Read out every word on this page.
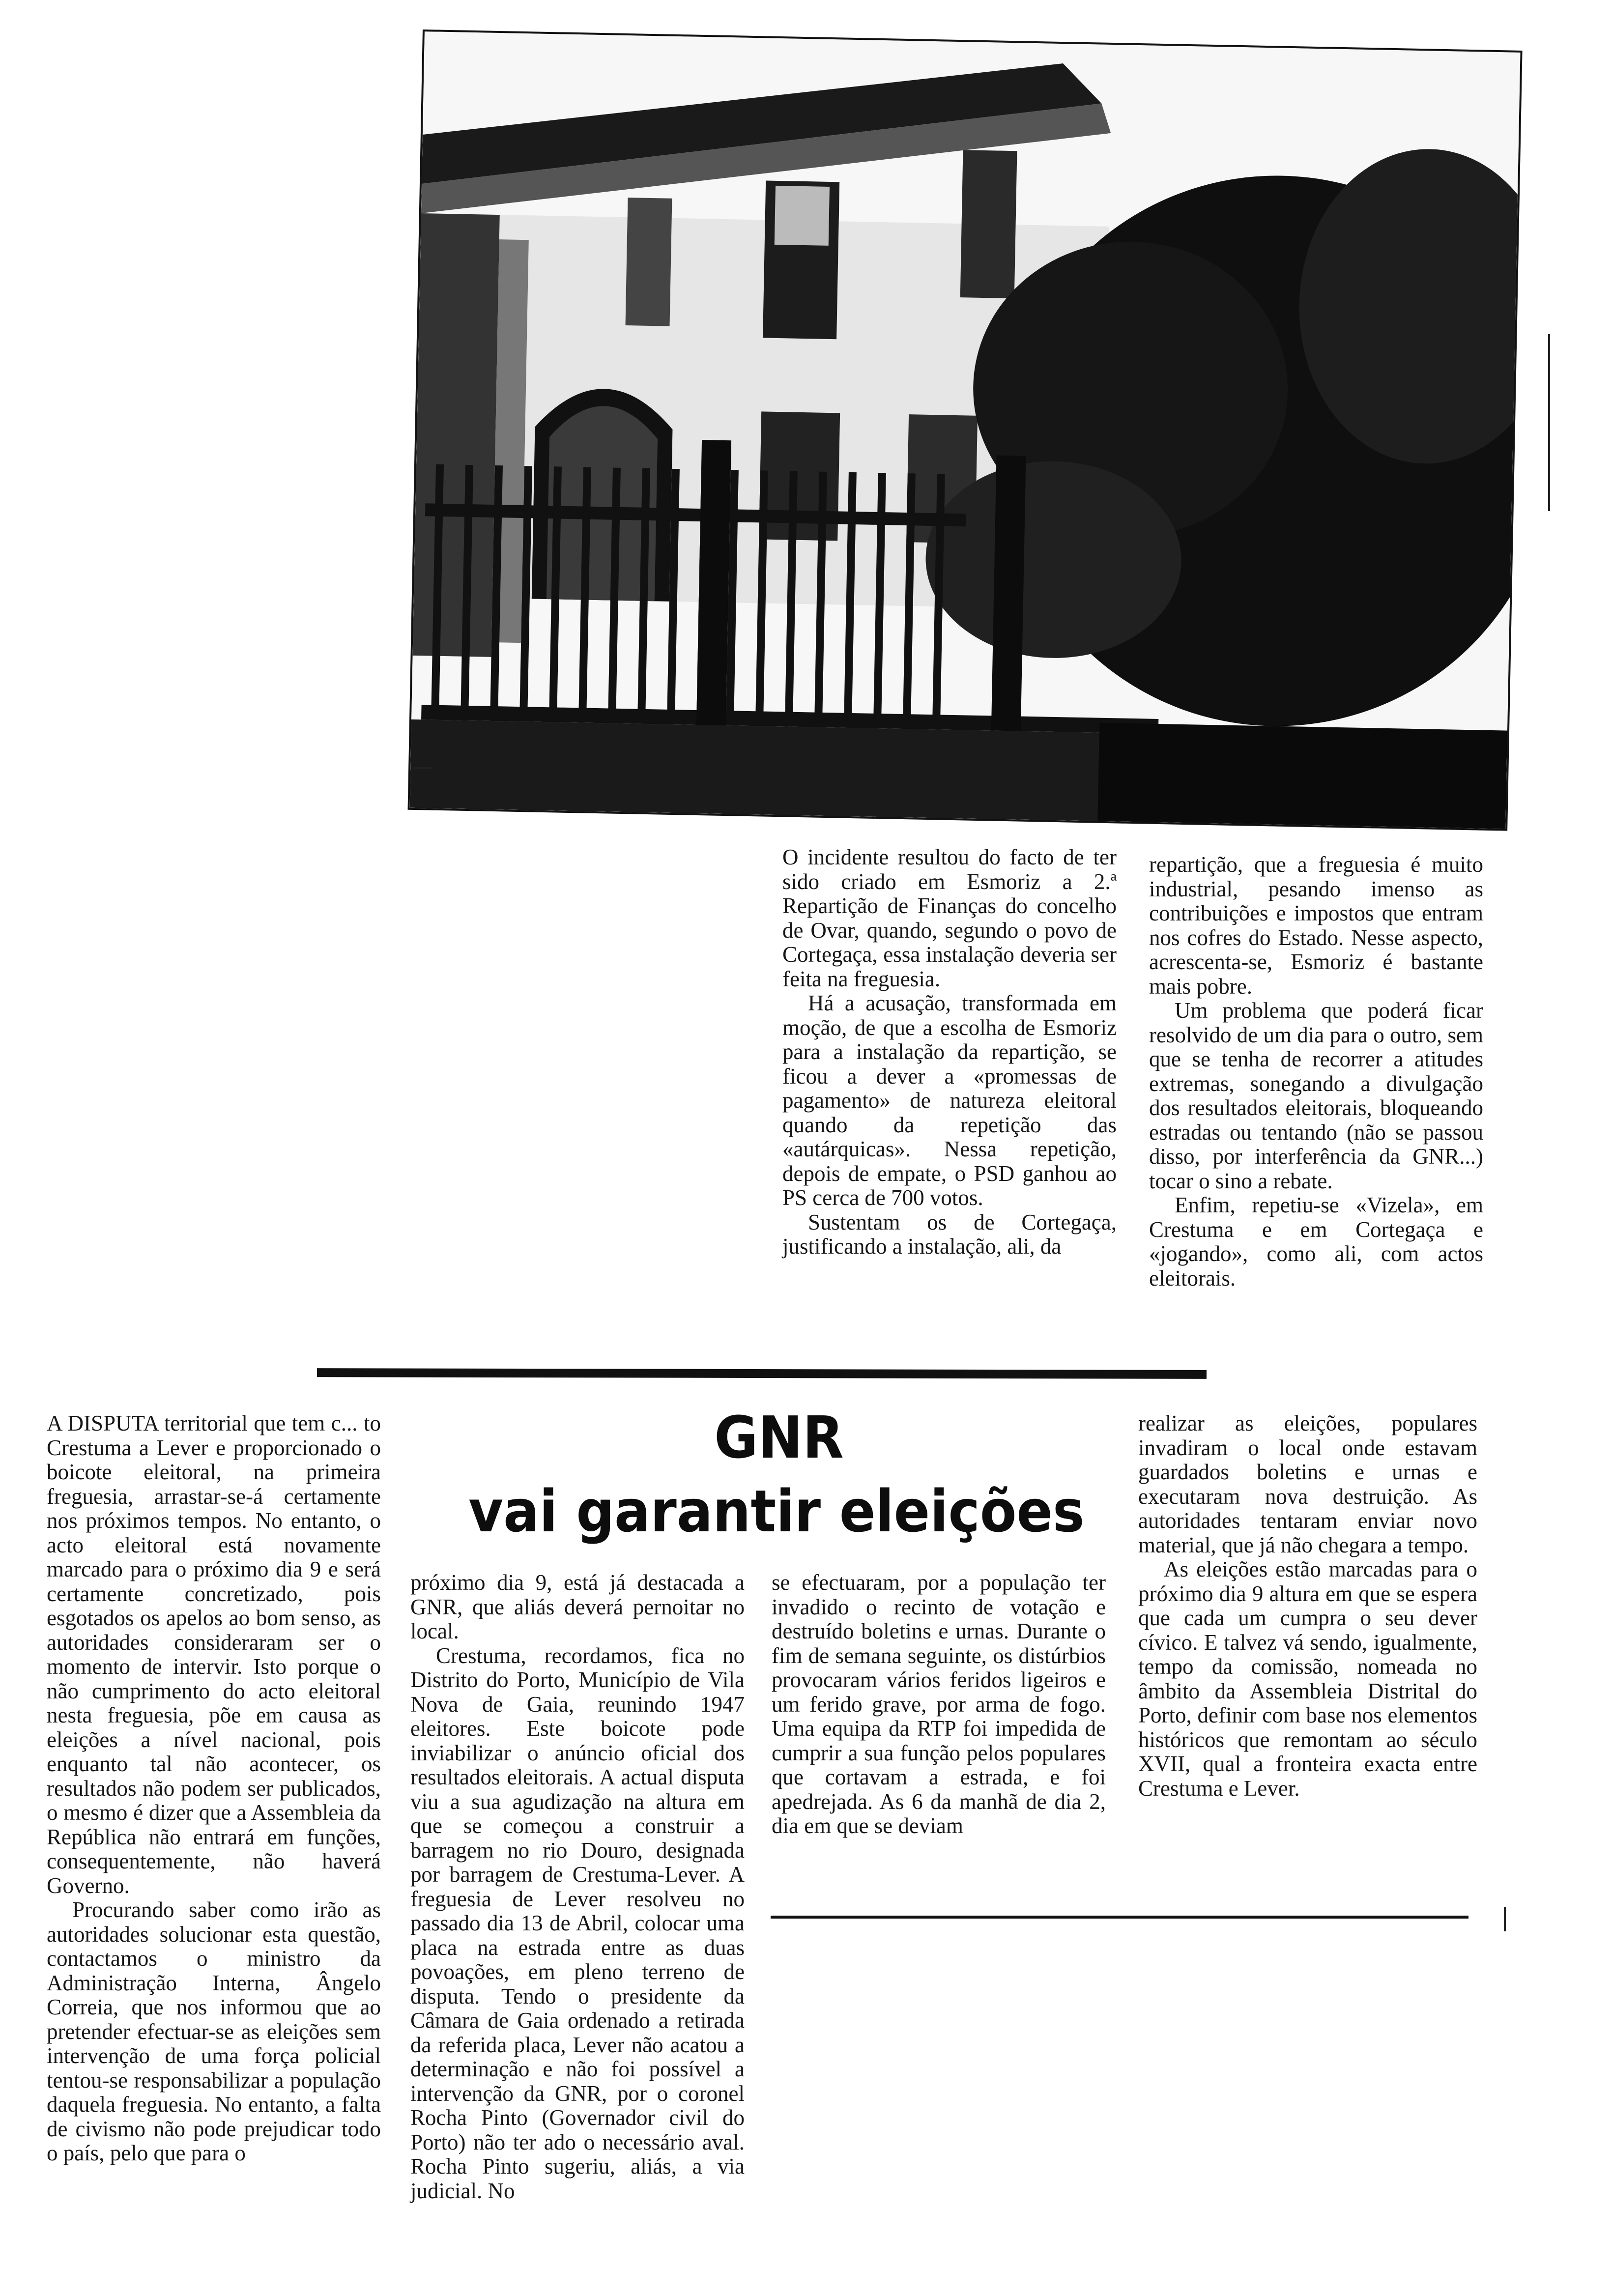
O incidente resultou do facto de ter sido criado em Esmoriz a 2.ª Repartição de Finanças do concelho de Ovar, quando, segundo o povo de Cortegaça, essa instalação deveria ser feita na freguesia.

Há a acusação, transformada em moção, de que a escolha de Esmoriz para a instalação da repartição, se ficou a dever a «promessas de pagamento» de natureza eleitoral quando da repetição das «autárquicas». Nessa repetição, depois de empate, o PSD ganhou ao PS cerca de 700 votos.

Sustentam os de Cortegaça, justificando a instalação, ali, da

repartição, que a freguesia é muito industrial, pesando imenso as contribuições e impostos que entram nos cofres do Estado. Nesse aspecto, acrescenta-se, Esmoriz é bastante mais pobre.

Um problema que poderá ficar resolvido de um dia para o outro, sem que se tenha de recorrer a atitudes extremas, sonegando a divulgação dos resultados eleitorais, bloqueando estradas ou tentando (não se passou disso, por interferência da GNR...) tocar o sino a rebate.

Enfim, repetiu-se «Vizela», em Crestuma e em Cortegaça e «jogando», como ali, com actos eleitorais.

GNR
vai garantir eleições

A DISPUTA territorial que tem c... to Crestuma a Lever e proporcionado o boicote eleitoral, na primeira freguesia, arrastar-se-á certamente nos próximos tempos. No entanto, o acto eleitoral está novamente marcado para o próximo dia 9 e será certamente concretizado, pois esgotados os apelos ao bom senso, as autoridades consideraram ser o momento de intervir. Isto porque o não cumprimento do acto eleitoral nesta freguesia, põe em causa as eleições a nível nacional, pois enquanto tal não acontecer, os resultados não podem ser publicados, o mesmo é dizer que a Assembleia da República não entrará em funções, consequentemente, não haverá Governo.

Procurando saber como irão as autoridades solucionar esta questão, contactamos o ministro da Administração Interna, Ângelo Correia, que nos informou que ao pretender efectuar-se as eleições sem intervenção de uma força policial tentou-se responsabilizar a população daquela freguesia. No entanto, a falta de civismo não pode prejudicar todo o país, pelo que para o

próximo dia 9, está já destacada a GNR, que aliás deverá pernoitar no local.

Crestuma, recordamos, fica no Distrito do Porto, Município de Vila Nova de Gaia, reunindo 1947 eleitores. Este boicote pode inviabilizar o anúncio oficial dos resultados eleitorais. A actual disputa viu a sua agudização na altura em que se começou a construir a barragem no rio Douro, designada por barragem de Crestuma-Lever. A freguesia de Lever resolveu no passado dia 13 de Abril, colocar uma placa na estrada entre as duas povoações, em pleno terreno de disputa. Tendo o presidente da Câmara de Gaia ordenado a retirada da referida placa, Lever não acatou a determinação e não foi possível a intervenção da GNR, por o coronel Rocha Pinto (Governador civil do Porto) não ter ado o necessário aval. Rocha Pinto sugeriu, aliás, a via judicial. No

se efectuaram, por a população ter invadido o recinto de votação e destruído boletins e urnas. Durante o fim de semana seguinte, os distúrbios provocaram vários feridos ligeiros e um ferido grave, por arma de fogo. Uma equipa da RTP foi impedida de cumprir a sua função pelos populares que cortavam a estrada, e foi apedrejada. As 6 da manhã de dia 2, dia em que se deviam

realizar as eleições, populares invadiram o local onde estavam guardados boletins e urnas e executaram nova destruição. As autoridades tentaram enviar novo material, que já não chegara a tempo.

As eleições estão marcadas para o próximo dia 9 altura em que se espera que cada um cumpra o seu dever cívico. E talvez vá sendo, igualmente, tempo da comissão, nomeada no âmbito da Assembleia Distrital do Porto, definir com base nos elementos históricos que remontam ao século XVII, qual a fronteira exacta entre Crestuma e Lever.
